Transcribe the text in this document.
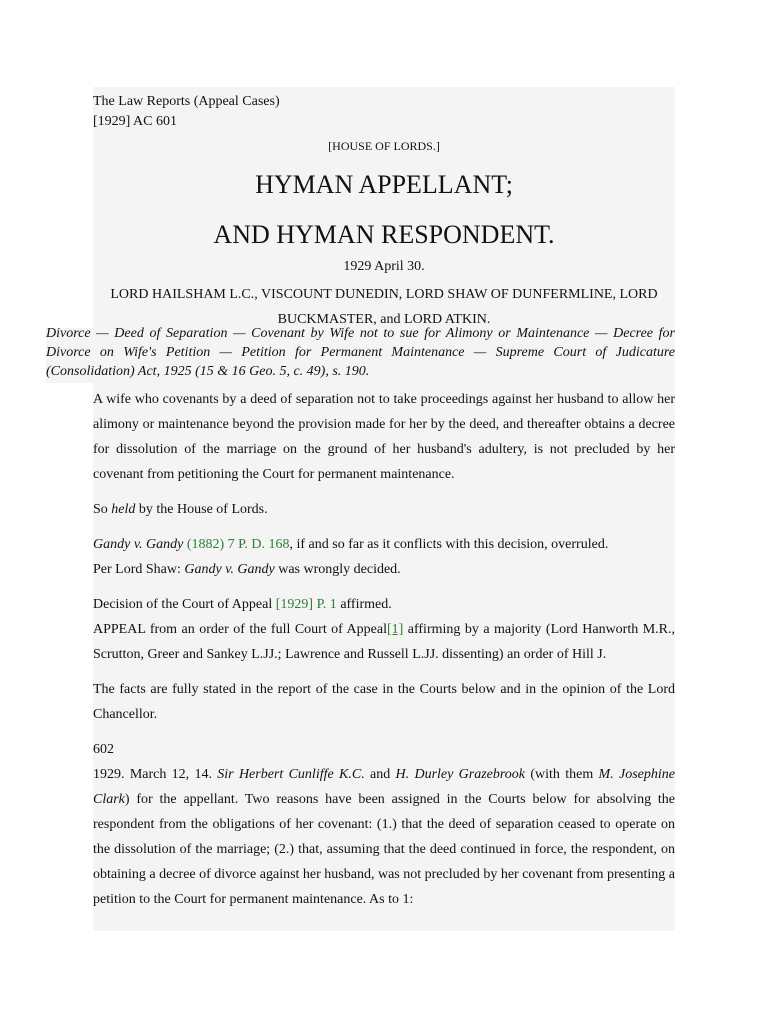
The Law Reports (Appeal Cases)
[1929] AC 601
[HOUSE OF LORDS.]
HYMAN APPELLANT;
AND HYMAN RESPONDENT.
1929 April 30.
LORD HAILSHAM L.C., VISCOUNT DUNEDIN, LORD SHAW OF DUNFERMLINE, LORD BUCKMASTER, and LORD ATKIN.
Divorce — Deed of Separation — Covenant by Wife not to sue for Alimony or Maintenance — Decree for Divorce on Wife's Petition — Petition for Permanent Maintenance — Supreme Court of Judicature (Consolidation) Act, 1925 (15 & 16 Geo. 5, c. 49), s. 190.
A wife who covenants by a deed of separation not to take proceedings against her husband to allow her alimony or maintenance beyond the provision made for her by the deed, and thereafter obtains a decree for dissolution of the marriage on the ground of her husband's adultery, is not precluded by her covenant from petitioning the Court for permanent maintenance.
So held by the House of Lords.
Gandy v. Gandy (1882) 7 P. D. 168, if and so far as it conflicts with this decision, overruled.
Per Lord Shaw: Gandy v. Gandy was wrongly decided.
Decision of the Court of Appeal [1929] P. 1 affirmed.
APPEAL from an order of the full Court of Appeal[1] affirming by a majority (Lord Hanworth M.R., Scrutton, Greer and Sankey L.JJ.; Lawrence and Russell L.JJ. dissenting) an order of Hill J.
The facts are fully stated in the report of the case in the Courts below and in the opinion of the Lord Chancellor.
602
1929. March 12, 14. Sir Herbert Cunliffe K.C. and H. Durley Grazebrook (with them M. Josephine Clark) for the appellant. Two reasons have been assigned in the Courts below for absolving the respondent from the obligations of her covenant: (1.) that the deed of separation ceased to operate on the dissolution of the marriage; (2.) that, assuming that the deed continued in force, the respondent, on obtaining a decree of divorce against her husband, was not precluded by her covenant from presenting a petition to the Court for permanent maintenance. As to 1:
